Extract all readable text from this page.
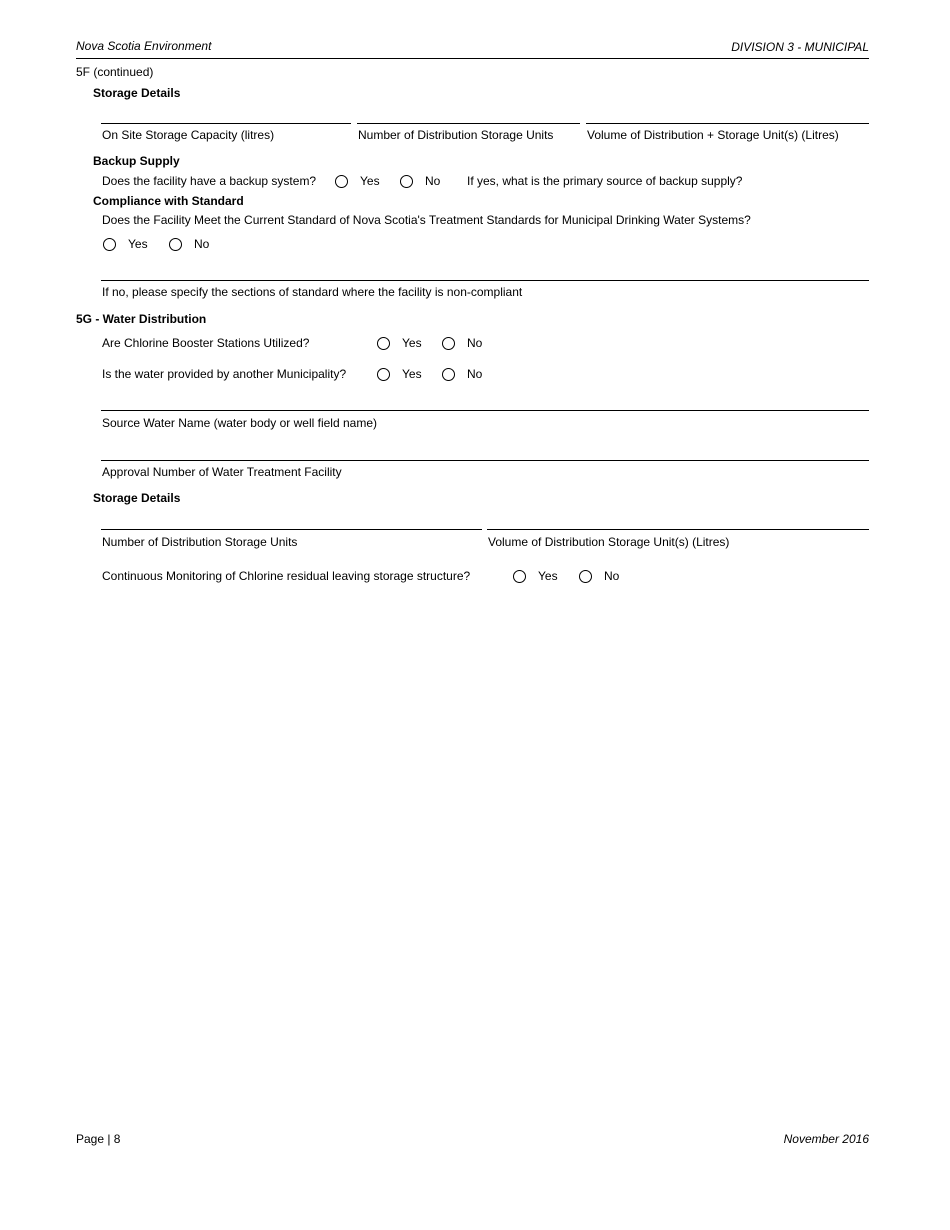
Nova Scotia Environment	DIVISION 3 - MUNICIPAL
5F (continued)
Storage Details
On Site Storage Capacity (litres)	Number of Distribution Storage Units	Volume of Distribution + Storage Unit(s) (Litres)
Backup Supply
Does the facility have a backup system?	Yes	No If yes, what is the primary source of backup supply?
Compliance with Standard
Does the Facility Meet the Current Standard of Nova Scotia's Treatment Standards for Municipal Drinking Water Systems?
Yes	No
If no, please specify the sections of standard where the facility is non-compliant
5G - Water Distribution
Are Chlorine Booster Stations Utilized?	Yes	No
Is the water provided by another Municipality?	Yes	No
Source Water Name (water body or well field name)
Approval Number of Water Treatment Facility
Storage Details
Number of Distribution Storage Units	Volume of Distribution Storage Unit(s) (Litres)
Continuous Monitoring of Chlorine residual leaving storage structure?	Yes	No
Page | 8	November 2016
